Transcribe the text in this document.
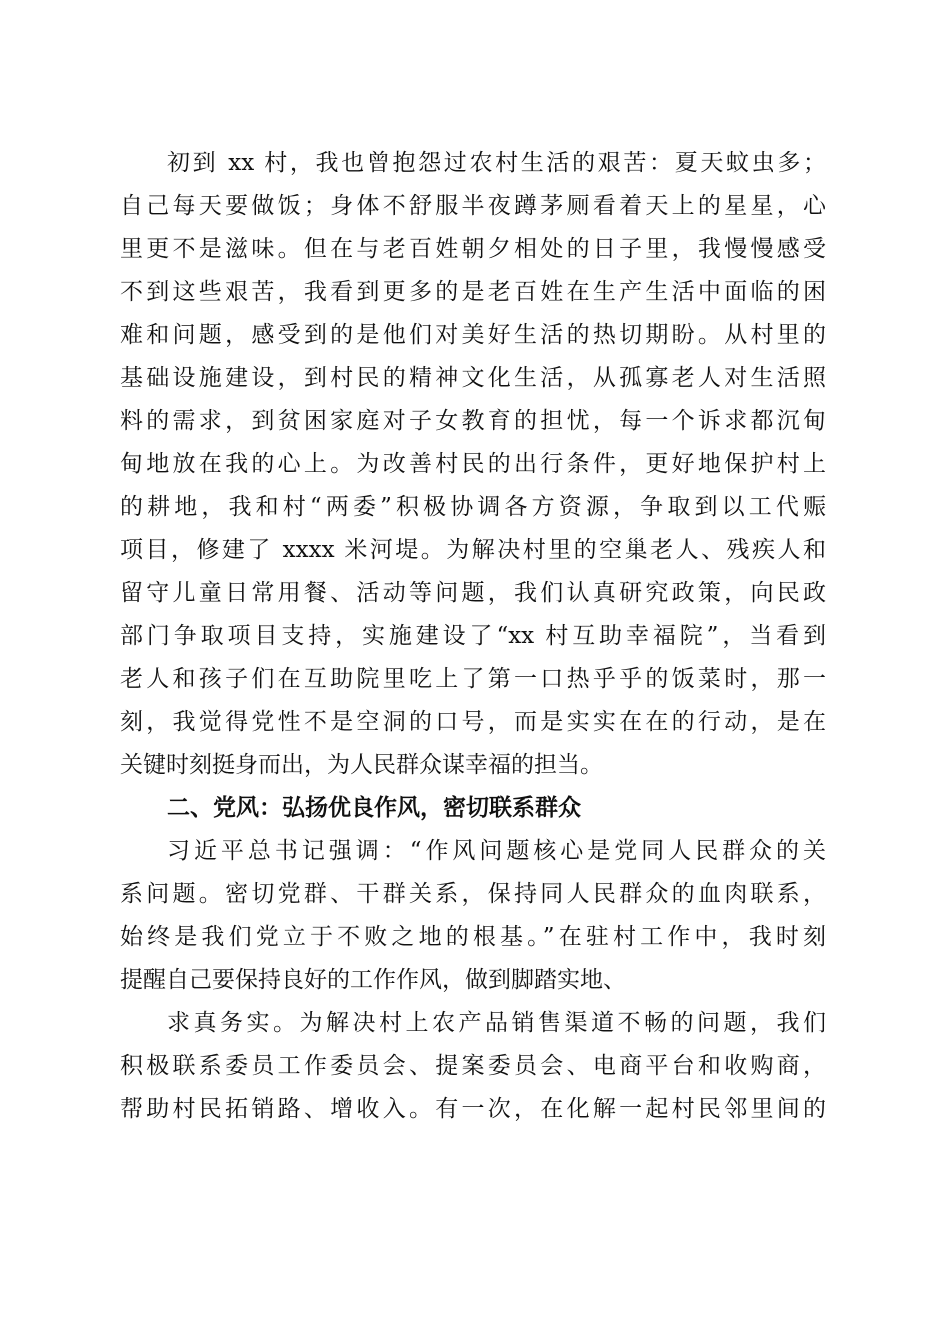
初到 xx 村，我也曾抱怨过农村生活的艰苦：夏天蚊虫多；
自己每天要做饭；身体不舒服半夜蹲茅厕看着天上的星星，心
里更不是滋味。但在与老百姓朝夕相处的日子里，我慢慢感受
不到这些艰苦，我看到更多的是老百姓在生产生活中面临的困
难和问题，感受到的是他们对美好生活的热切期盼。从村里的
基础设施建设，到村民的精神文化生活，从孤寡老人对生活照
料的需求，到贫困家庭对子女教育的担忧，每一个诉求都沉甸
甸地放在我的心上。为改善村民的出行条件，更好地保护村上
的耕地，我和村“两委”积极协调各方资源，争取到以工代赈
项目，修建了 xxxx 米河堤。为解决村里的空巢老人、残疾人和
留守儿童日常用餐、活动等问题，我们认真研究政策，向民政
部门争取项目支持，实施建设了“xx 村互助幸福院”，当看到
老人和孩子们在互助院里吃上了第一口热乎乎的饭菜时，那一
刻，我觉得党性不是空洞的口号，而是实实在在的行动，是在
关键时刻挺身而出，为人民群众谋幸福的担当。
二、党风：弘扬优良作风，密切联系群众
习近平总书记强调：“作风问题核心是党同人民群众的关
系问题。密切党群、干群关系，保持同人民群众的血肉联系，
始终是我们党立于不败之地的根基。”在驻村工作中，我时刻
提醒自己要保持良好的工作作风，做到脚踏实地、
求真务实。为解决村上农产品销售渠道不畅的问题，我们
积极联系委员工作委员会、提案委员会、电商平台和收购商，
帮助村民拓销路、增收入。有一次，在化解一起村民邻里间的
